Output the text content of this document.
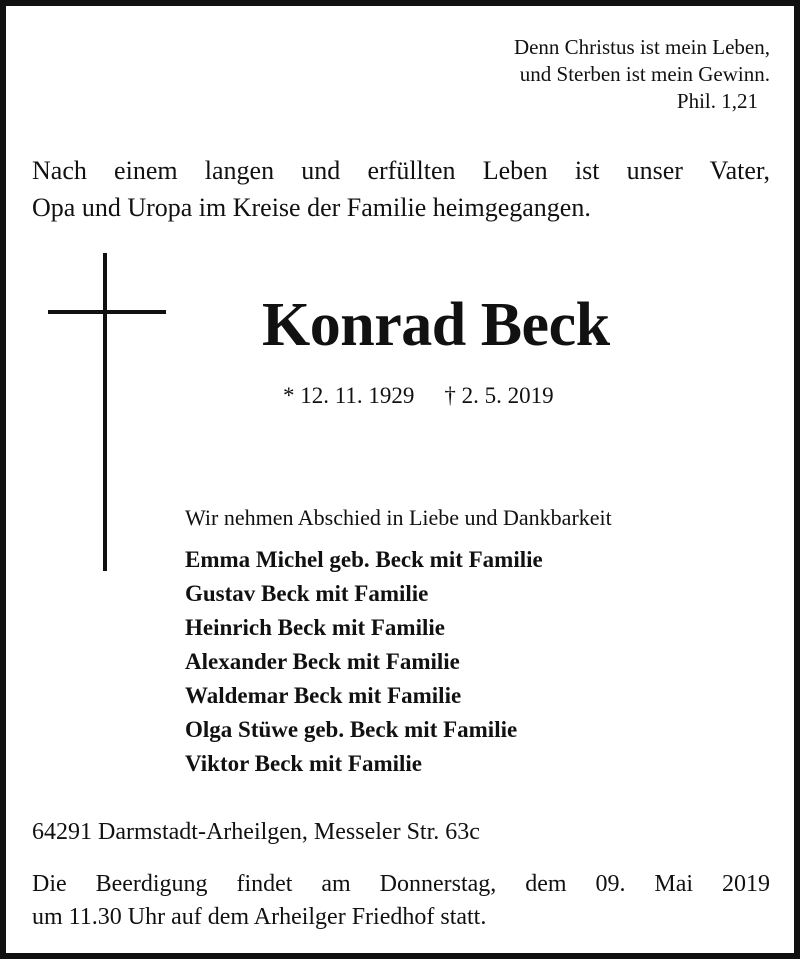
Denn Christus ist mein Leben,
und Sterben ist mein Gewinn.
Phil. 1,21
Nach einem langen und erfüllten Leben ist unser Vater,
Opa und Uropa im Kreise der Familie heimgegangen.
Konrad Beck
* 12. 11. 1929 † 2. 5. 2019
Wir nehmen Abschied in Liebe und Dankbarkeit
Emma Michel geb. Beck mit Familie
Gustav Beck mit Familie
Heinrich Beck mit Familie
Alexander Beck mit Familie
Waldemar Beck mit Familie
Olga Stüwe geb. Beck mit Familie
Viktor Beck mit Familie
64291 Darmstadt-Arheilgen, Messeler Str. 63c
Die Beerdigung findet am Donnerstag, dem 09. Mai 2019
um 11.30 Uhr auf dem Arheilger Friedhof statt.
